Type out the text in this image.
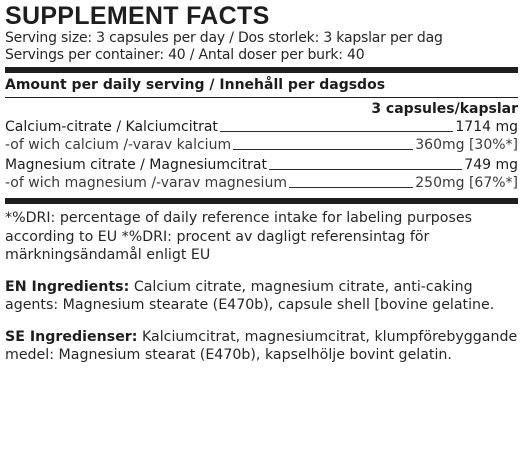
SUPPLEMENT FACTS
Serving size: 3 capsules per day / Dos storlek: 3 kapslar per dag
Servings per container: 40 / Antal doser per burk: 40
Amount per daily serving / Innehåll per dagsdos
3 capsules/kapslar
Calcium-citrate / Kalciumcitrat	1714 mg
-of wich calcium /-varav kalcium	360mg [30%*]
Magnesium citrate / Magnesiumcitrat	749 mg
-of wich magnesium /-varav magnesium	250mg [67%*]

*%DRI: percentage of daily reference intake for labeling purposes according to EU *%DRI: procent av dagligt referensintag för märkningsändamål enligt EU

EN Ingredients: Calcium citrate, magnesium citrate, anti-caking agents: Magnesium stearate (E470b), capsule shell [bovine gelatine.

SE Ingredienser: Kalciumcitrat, magnesiumcitrat, klumpförebyggande medel: Magnesium stearat (E470b), kapselhölje bovint gelatin.
